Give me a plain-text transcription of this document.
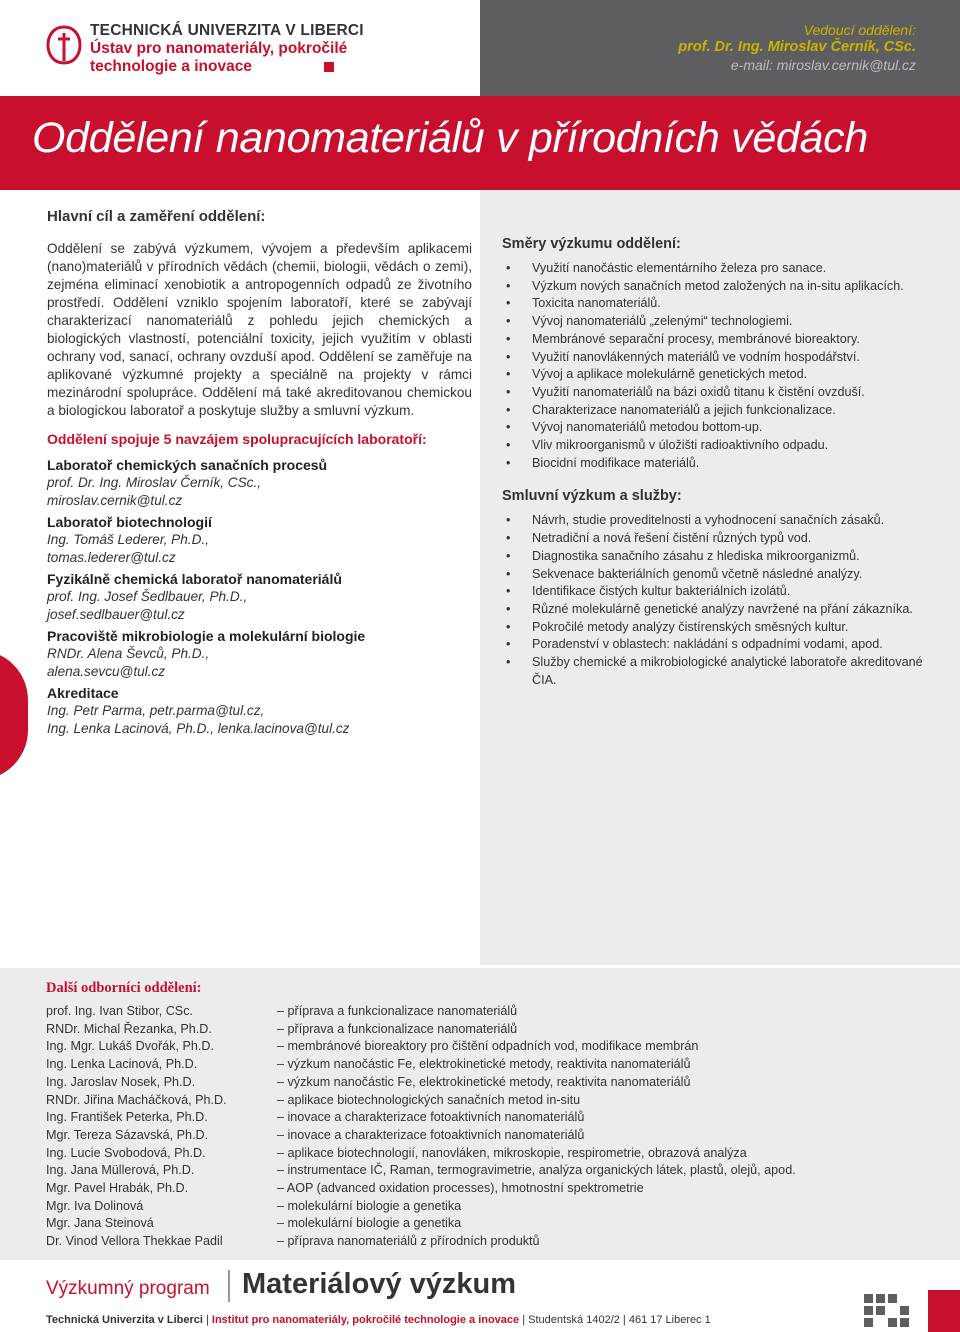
TECHNICKÁ UNIVERZITA V LIBERCI
Ústav pro nanomateriály, pokročilé technologie a inovace
Vedoucí oddělení:
prof. Dr. Ing. Miroslav Černík, CSc.
e-mail: miroslav.cernik@tul.cz
Oddělení nanomateriálů v přírodních vědách
Hlavní cíl a zaměření oddělení:

Oddělení se zabývá výzkumem, vývojem a především aplikacemi (nano)materiálů v přírodních vědách (chemii, biologii, vědách o zemi), zejména eliminací xenobiotik a antropogenních odpadů ze životního prostředí. Oddělení vzniklo spojením laboratoří, které se zabývají charakterizací nanomateriálů z pohledu jejich chemických a biologických vlastností, potenciální toxicity, jejich využitím v oblasti ochrany vod, sanací, ochrany ovzduší apod. Oddělení se zaměřuje na aplikované výzkumné projekty a speciálně na projekty v rámci mezinárodní spolupráce. Oddělení má také akreditovanou chemickou a biologickou laboratoř a poskytuje služby a smluvní výzkum.

Oddělení spojuje 5 navzájem spolupracujících laboratoří:
Laboratoř chemických sanačních procesů
prof. Dr. Ing. Miroslav Černík, CSc.,
miroslav.cernik@tul.cz
Laboratoř biotechnologií
Ing. Tomáš Lederer, Ph.D.,
tomas.lederer@tul.cz
Fyzikálně chemická laboratoř nanomateriálů
prof. Ing. Josef Šedlbauer, Ph.D.,
josef.sedlbauer@tul.cz
Pracoviště mikrobiologie a molekulární biologie
RNDr. Alena Ševců, Ph.D.,
alena.sevcu@tul.cz
Akreditace
Ing. Petr Parma, petr.parma@tul.cz,
Ing. Lenka Lacinová, Ph.D., lenka.lacinova@tul.cz
Směry výzkumu oddělení:
• Využití nanočástic elementárního železa pro sanace.
• Výzkum nových sanačních metod založených na in-situ aplikacích.
• Toxicita nanomateriálů.
• Vývoj nanomateriálů „zelenými“ technologiemi.
• Membránové separační procesy, membránové bioreaktory.
• Využití nanovlákenných materiálů ve vodním hospodářství.
• Vývoj a aplikace molekulárně genetických metod.
• Využití nanomateriálů na bázi oxidů titanu k čistění ovzduší.
• Charakterizace nanomateriálů a jejich funkcionalizace.
• Vývoj nanomateriálů metodou bottom-up.
• Vliv mikroorganismů v úložišti radioaktivního odpadu.
• Biocidní modifikace materiálů.
Smluvní výzkum a služby:
• Návrh, studie proveditelnosti a vyhodnocení sanačních zásaků.
• Netradiční a nová řešení čistění různých typů vod.
• Diagnostika sanačního zásahu z hlediska mikroorganizmů.
• Sekvenace bakteriálních genomů včetně následné analýzy.
• Identifikace čistých kultur bakteriálních izolátů.
• Různé molekulárně genetické analýzy navržené na přání zákazníka.
• Pokročilé metody analýzy čistírenských směsných kultur.
• Poradenství v oblastech: nakládání s odpadními vodami, apod.
• Služby chemické a mikrobiologické analytické laboratoře akreditované ČIA.
Další odborníci oddělení:
prof. Ing. Ivan Stibor, CSc.	– příprava a funkcionalizace nanomateriálů
RNDr. Michal Řezanka, Ph.D.	– příprava a funkcionalizace nanomateriálů
Ing. Mgr. Lukáš Dvořák, Ph.D.	– membránové bioreaktory pro čištění odpadních vod, modifikace membrán
Ing. Lenka Lacinová, Ph.D.	– výzkum nanočástic Fe, elektrokinetické metody, reaktivita nanomateriálů
Ing. Jaroslav Nosek, Ph.D.	– výzkum nanočástic Fe, elektrokinetické metody, reaktivita nanomateriálů
RNDr. Jiřina Macháčková, Ph.D.	– aplikace biotechnologických sanačních metod in-situ
Ing. František Peterka, Ph.D.	– inovace a charakterizace fotoaktivních nanomateriálů
Mgr. Tereza Sázavská, Ph.D.	– inovace a charakterizace fotoaktivních nanomateriálů
Ing. Lucie Svobodová, Ph.D.	– aplikace biotechnologií, nanovláken, mikroskopie, respirometrie, obrazová analýza
Ing. Jana Müllerová, Ph.D.	– instrumentace IČ, Raman, termogravimetrie, analýza organických látek, plastů, olejů, apod.
Mgr. Pavel Hrabák, Ph.D.	– AOP (advanced oxidation processes), hmotnostní spektrometrie
Mgr. Iva Dolinová	– molekulární biologie a genetika
Mgr. Jana Steinová	– molekulární biologie a genetika
Dr. Vinod Vellora Thekkae Padil	– příprava nanomateriálů z přírodních produktů
Výzkumný program Materiálový výzkum
Technická Univerzita v Liberci | Institut pro nanomateriály, pokročilé technologie a inovace | Studentská 1402/2 | 461 17 Liberec 1
